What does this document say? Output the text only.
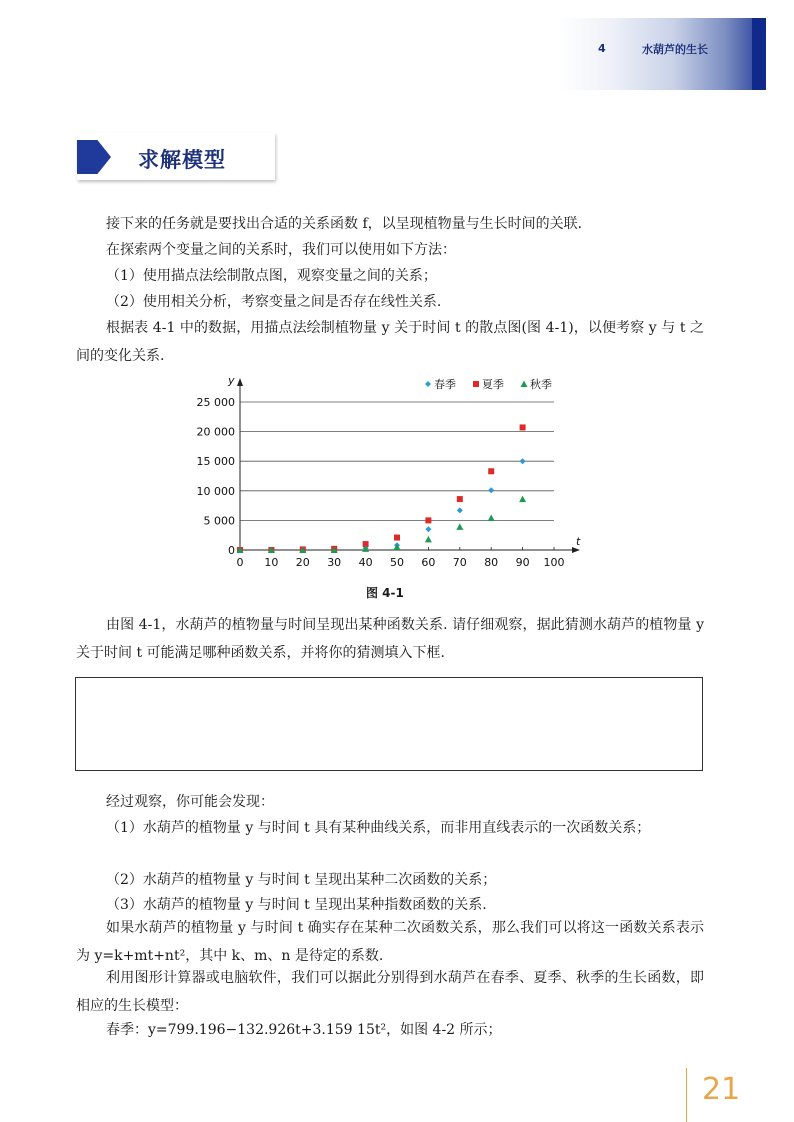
4	水葫芦的生长
求解模型

接下来的任务就是要找出合适的关系函数 f，以呈现植物量与生长时间的关联.

在探索两个变量之间的关系时，我们可以使用如下方法：

（1）使用描点法绘制散点图，观察变量之间的关系；

（2）使用相关分析，考察变量之间是否存在线性关系.

根据表 4-1 中的数据，用描点法绘制植物量 y 关于时间 t 的散点图(图 4-1)，以便考察 y 与 t 之间的变化关系.

t
y
0
5 000
10 000
15 000
20 000
25 000
0 10 20 30 40 50 60 70 80 90 100
春季 夏季 秋季
图 4-1

由图 4-1，水葫芦的植物量与时间呈现出某种函数关系. 请仔细观察，据此猜测水葫芦的植物量 y 关于时间 t 可能满足哪种函数关系，并将你的猜测填入下框.

经过观察，你可能会发现：

（1）水葫芦的植物量 y 与时间 t 具有某种曲线关系，而非用直线表示的一次函数关系；

（2）水葫芦的植物量 y 与时间 t 呈现出某种二次函数的关系；

（3）水葫芦的植物量 y 与时间 t 呈现出某种指数函数的关系.

如果水葫芦的植物量 y 与时间 t 确实存在某种二次函数关系，那么我们可以将这一函数关系表示为 y=k+mt+nt²，其中 k、m、n 是待定的系数.

利用图形计算器或电脑软件，我们可以据此分别得到水葫芦在春季、夏季、秋季的生长函数，即相应的生长模型：

春季：y=799.196−132.926t+3.159 15t²，如图 4-2 所示；

21
